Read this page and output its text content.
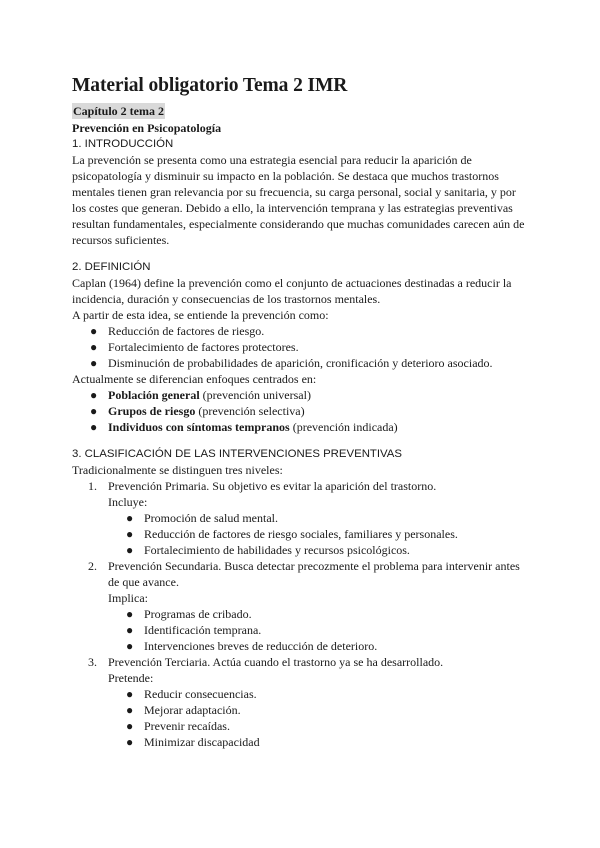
Material obligatorio Tema 2 IMR
Capítulo 2 tema 2

Prevención en Psicopatología

1. INTRODUCCIÓN

La prevención se presenta como una estrategia esencial para reducir la aparición de psicopatología y disminuir su impacto en la población. Se destaca que muchos trastornos mentales tienen gran relevancia por su frecuencia, su carga personal, social y sanitaria, y por los costes que generan. Debido a ello, la intervención temprana y las estrategias preventivas resultan fundamentales, especialmente considerando que muchas comunidades carecen aún de recursos suficientes.

2. DEFINICIÓN

Caplan (1964) define la prevención como el conjunto de actuaciones destinadas a reducir la incidencia, duración y consecuencias de los trastornos mentales.

A partir de esta idea, se entiende la prevención como:

● Reducción de factores de riesgo.
● Fortalecimiento de factores protectores.
● Disminución de probabilidades de aparición, cronificación y deterioro asociado.

Actualmente se diferencian enfoques centrados en:

● Población general (prevención universal)
● Grupos de riesgo (prevención selectiva)
● Individuos con síntomas tempranos (prevención indicada)
3. CLASIFICACIÓN DE LAS INTERVENCIONES PREVENTIVAS

Tradicionalmente se distinguen tres niveles:

1. Prevención Primaria. Su objetivo es evitar la aparición del trastorno.
Incluye:
● Promoción de salud mental.
● Reducción de factores de riesgo sociales, familiares y personales.
● Fortalecimiento de habilidades y recursos psicológicos.
2. Prevención Secundaria. Busca detectar precozmente el problema para intervenir antes de que avance.
Implica:
● Programas de cribado.
● Identificación temprana.
● Intervenciones breves de reducción de deterioro.
3. Prevención Terciaria. Actúa cuando el trastorno ya se ha desarrollado.
Pretende:
● Reducir consecuencias.
● Mejorar adaptación.
● Prevenir recaídas.
● Minimizar discapacidad
